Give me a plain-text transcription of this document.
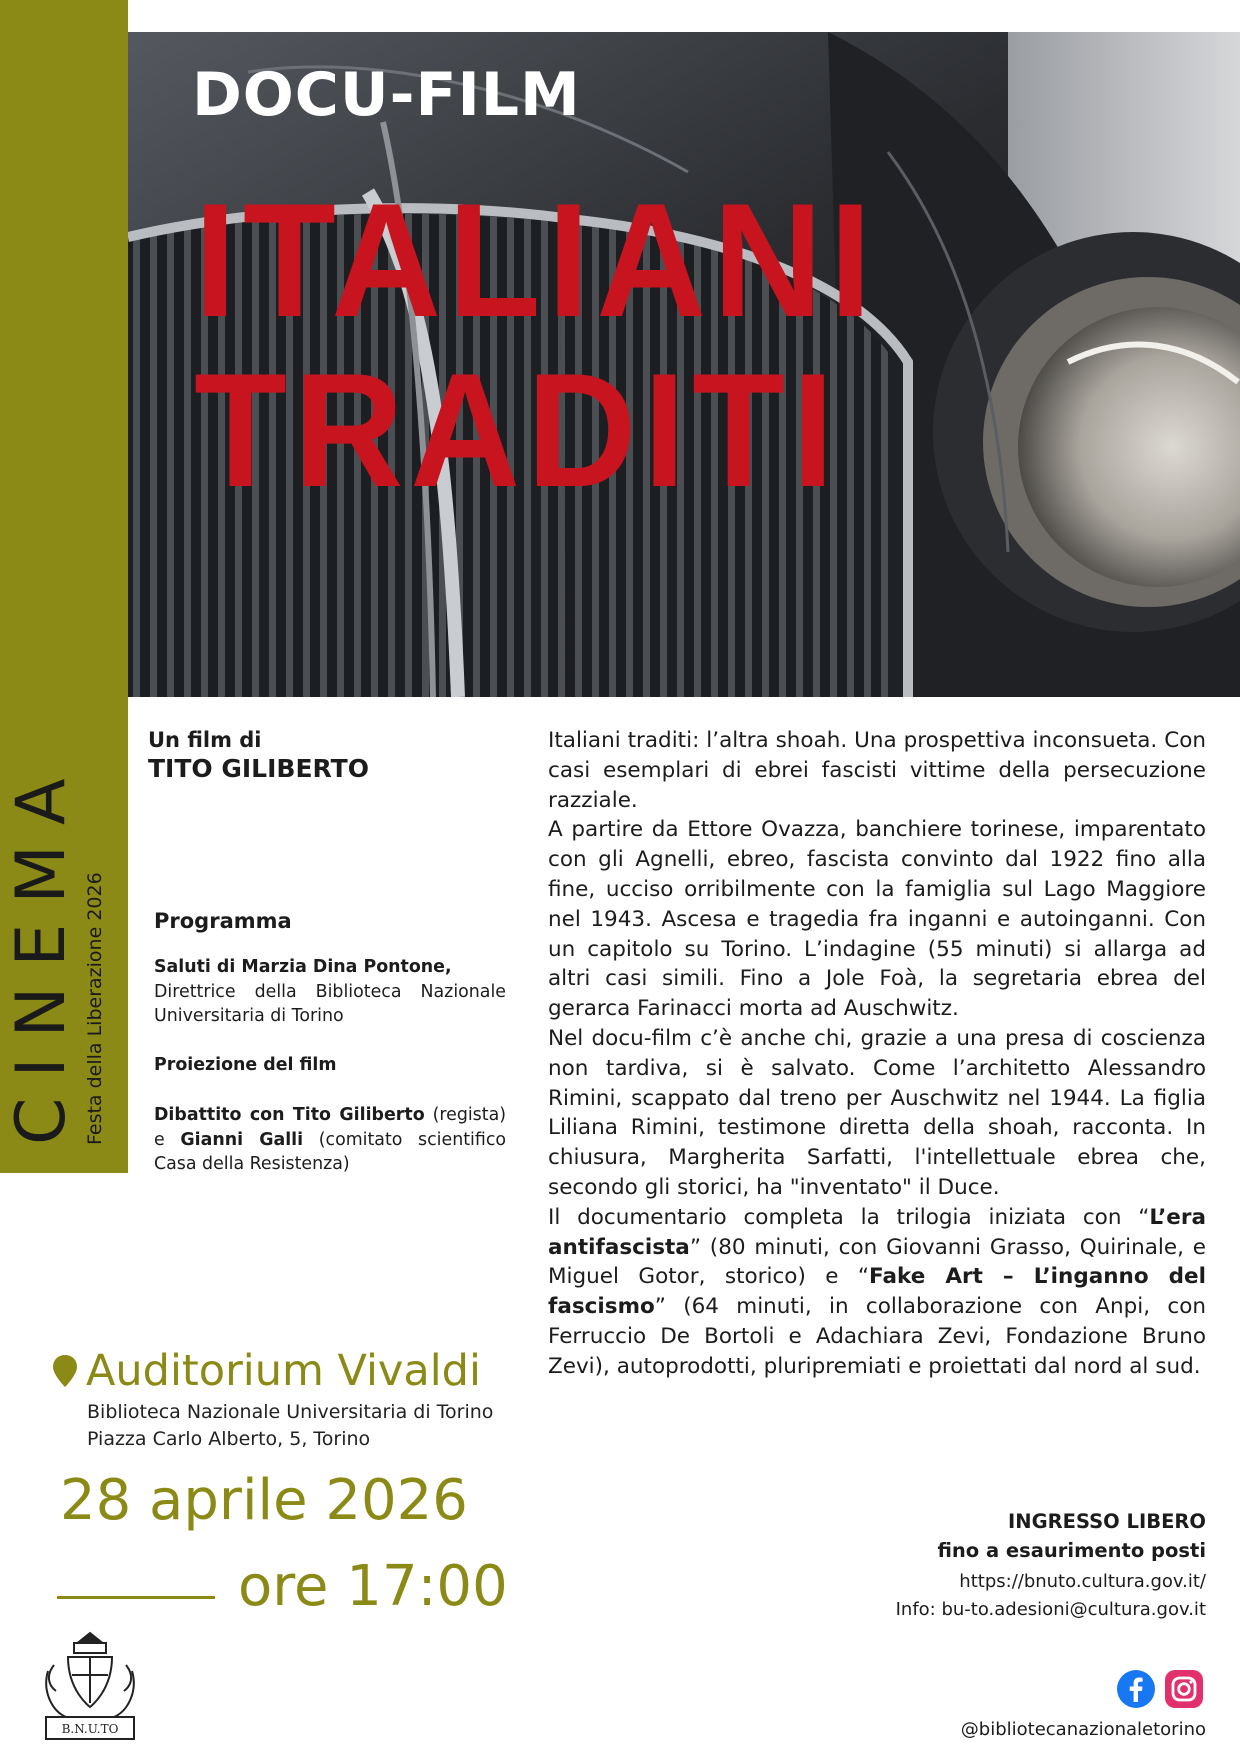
CINEMA Festa della Liberazione 2026
DOCU-FILM
ITALIANI
TRADITI
Un film di
TITO GILIBERTO
Programma
Saluti di Marzia Dina Pontone,
Direttrice della Biblioteca Nazionale Universitaria di Torino
Proiezione del film
Dibattito con Tito Giliberto (regista) e Gianni Galli (comitato scientifico Casa della Resistenza)
Auditorium Vivaldi
Biblioteca Nazionale Universitaria di Torino
Piazza Carlo Alberto, 5, Torino
28 aprile 2026
ore 17:00

Italiani traditi: l’altra shoah. Una prospettiva inconsueta. Con casi esemplari di ebrei fascisti vittime della persecuzione razziale.

A partire da Ettore Ovazza, banchiere torinese, imparentato con gli Agnelli, ebreo, fascista convinto dal 1922 fino alla fine, ucciso orribilmente con la famiglia sul Lago Maggiore nel 1943. Ascesa e tragedia fra inganni e autoinganni. Con un capitolo su Torino. L’indagine (55 minuti) si allarga ad altri casi simili. Fino a Jole Foà, la segretaria ebrea del gerarca Farinacci morta ad Auschwitz.

Nel docu-film c’è anche chi, grazie a una presa di coscienza non tardiva, si è salvato. Come l’architetto Alessandro Rimini, scappato dal treno per Auschwitz nel 1944. La figlia Liliana Rimini, testimone diretta della shoah, racconta. In chiusura, Margherita Sarfatti, l'intellettuale ebrea che, secondo gli storici, ha "inventato" il Duce.

Il documentario completa la trilogia iniziata con “L’era antifascista” (80 minuti, con Giovanni Grasso, Quirinale, e Miguel Gotor, storico) e “Fake Art – L’inganno del fascismo” (64 minuti, in collaborazione con Anpi, con Ferruccio De Bortoli e Adachiara Zevi, Fondazione Bruno Zevi), autoprodotti, pluripremiati e proiettati dal nord al sud.

INGRESSO LIBERO
fino a esaurimento posti
https://bnuto.cultura.gov.it/
Info: bu-to.adesioni@cultura.gov.it
B.N.U.TO	@bibliotecanazionaletorino
